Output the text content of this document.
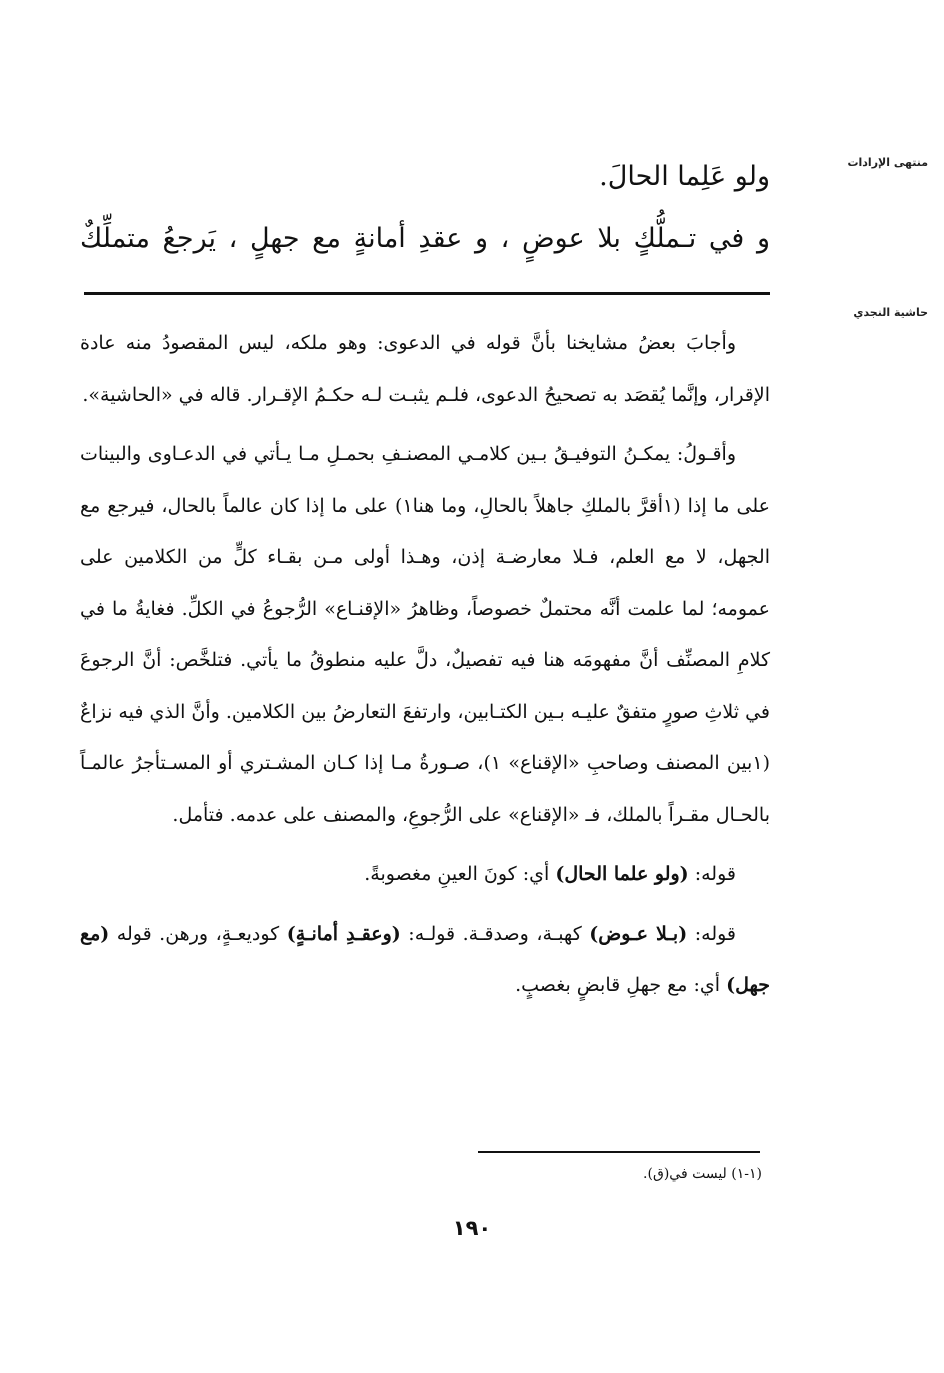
منتهى الإرادات
حاشية النجدي

ولو عَلِما الحالَ.

و في تـملُّكٍ بلا عوضٍ ، و عقدِ أمانةٍ مع جهلٍ ، يَرجعُ متملِّكٌ

وأجابَ بعضُ مشايخنا بأنَّ قوله في الدعوى: وهو ملكه، ليس المقصودُ منه عادة الإقرار، وإنَّما يُقصَد به تصحيحُ الدعوى، فلـم يثبـت لـه حكـمُ الإقـرار. قاله في «الحاشية».

وأقـولُ: يمكـنُ التوفيـقُ بـين كلامـي المصنـفِ بحمـلِ مـا يـأتي في الدعـاوى والبينات على ما إذا (١أقرَّ بالملكِ جاهلاً بالحالِ، وما هنا١) على ما إذا كان عالماً بالحال، فيرجع مع الجهل، لا مع العلم، فـلا معارضـة إذن، وهـذا أولى مـن بقـاء كلٍّ من الكلامين على عمومه؛ لما علمت أنَّه محتملٌ خصوصاً، وظاهرُ «الإقنـاع» الرُّجوعُ في الكلِّ. فغايةُ ما في كلامِ المصنِّف أنَّ مفهومَه هنا فيه تفصيلٌ، دلَّ عليه منطوقُ ما يأتي. فتلخَّص: أنَّ الرجوعَ في ثلاثِ صورٍ متفقٌ عليـه بـين الكتـابين، وارتفعَ التعارضُ بين الكلامين. وأنَّ الذي فيه نزاعٌ (١بين المصنف وصاحبِ «الإقناع» ١)، صـورةُ مـا إذا كـان المشـتري أو المسـتأجرُ عالمـاً بالحـال مقـراً بالملك، فـ «الإقناع» على الرُّجوعِ، والمصنف على عدمه. فتأمل.

قوله: (ولو علما الحال) أي: كونَ العينِ مغصوبةً.

قوله: (بـلا عـوض) كهبـة، وصدقـة. قولـه: (وعقـدِ أمانـةٍ) كوديعـةٍ، ورهن. قوله (مع جهل) أي: مع جهلِ قابضٍ بغصبٍ.

(١-١) ليست في(ق).
١٩٠
